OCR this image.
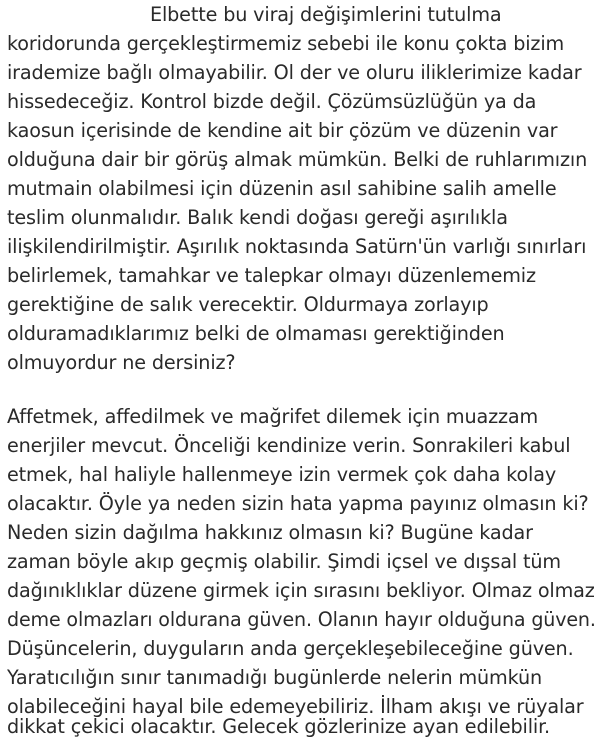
Elbette bu viraj değişimlerini tutulma
koridorunda gerçekleştirmemiz sebebi ile konu çokta bizim
irademize bağlı olmayabilir. Ol der ve oluru iliklerimize kadar
hissedeceğiz. Kontrol bizde değil. Çözümsüzlüğün ya da
kaosun içerisinde de kendine ait bir çözüm ve düzenin var
olduğuna dair bir görüş almak mümkün. Belki de ruhlarımızın
mutmain olabilmesi için düzenin asıl sahibine salih amelle
teslim olunmalıdır. Balık kendi doğası gereği aşırılıkla
ilişkilendirilmiştir. Aşırılık noktasında Satürn'ün varlığı sınırları
belirlemek, tamahkar ve talepkar olmayı düzenlememiz
gerektiğine de salık verecektir. Oldurmaya zorlayıp
olduramadıklarımız belki de olmaması gerektiğinden
olmuyordur ne dersiniz?
Affetmek, affedilmek ve mağrifet dilemek için muazzam
enerjiler mevcut. Önceliği kendinize verin. Sonrakileri kabul
etmek, hal haliyle hallenmeye izin vermek çok daha kolay
olacaktır. Öyle ya neden sizin hata yapma payınız olmasın ki?
Neden sizin dağılma hakkınız olmasın ki? Bugüne kadar
zaman böyle akıp geçmiş olabilir. Şimdi içsel ve dışsal tüm
dağınıklıklar düzene girmek için sırasını bekliyor. Olmaz olmaz
deme olmazları oldurana güven. Olanın hayır olduğuna güven.
Düşüncelerin, duyguların anda gerçekleşebileceğine güven.
Yaratıcılığın sınır tanımadığı bugünlerde nelerin mümkün
olabileceğini hayal bile edemeyebiliriz. İlham akışı ve rüyalar
dikkat çekici olacaktır. Gelecek gözlerinize ayan edilebilir.
